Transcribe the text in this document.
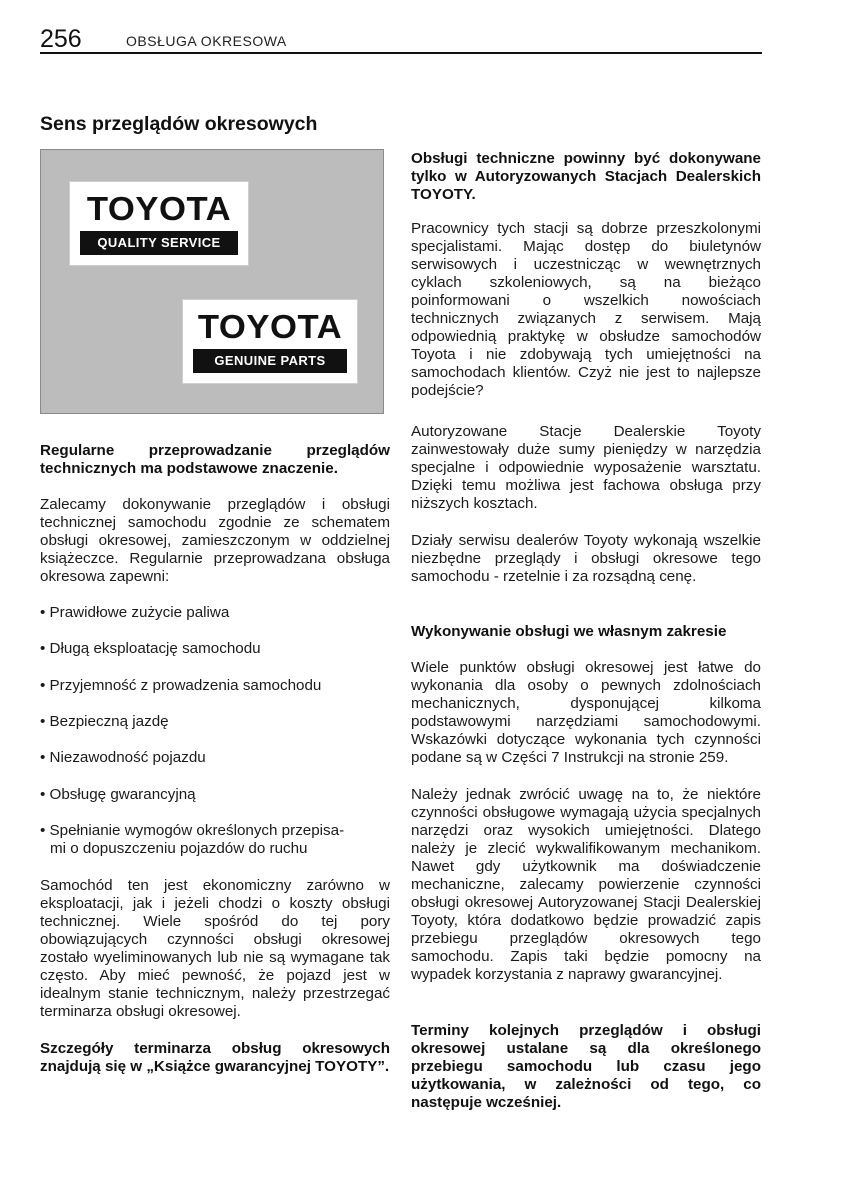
256	OBSŁUGA OKRESOWA
Sens przeglądów okresowych
TOYOTA
QUALITY SERVICE
TOYOTA
GENUINE PARTS

Regularne przeprowadzanie przeglądów technicznych ma podstawowe znaczenie.

Zalecamy dokonywanie przeglądów i obsługi technicznej samochodu zgodnie ze schematem obsługi okresowej, zamieszczonym w oddzielnej książeczce. Regularnie przeprowadzana obsługa okresowa zapewni:

• Prawidłowe zużycie paliwa

• Długą eksploatację samochodu

• Przyjemność z prowadzenia samochodu

• Bezpieczną jazdę

• Niezawodność pojazdu

• Obsługę gwarancyjną

• Spełnianie wymogów określonych przepisa-
mi o dopuszczeniu pojazdów do ruchu

Samochód ten jest ekonomiczny zarówno w eksploatacji, jak i jeżeli chodzi o koszty obsługi technicznej. Wiele spośród do tej pory obowiązujących czynności obsługi okresowej zostało wyeliminowanych lub nie są wymagane tak często. Aby mieć pewność, że pojazd jest w idealnym stanie technicznym, należy przestrzegać terminarza obsługi okresowej.

Szczegóły terminarza obsług okresowych znajdują się w „Książce gwarancyjnej TOYOTY”.

Obsługi techniczne powinny być dokonywane tylko w Autoryzowanych Stacjach Dealerskich TOYOTY.

Pracownicy tych stacji są dobrze przeszkolonymi specjalistami. Mając dostęp do biuletynów serwisowych i uczestnicząc w wewnętrznych cyklach szkoleniowych, są na bieżąco poinformowani o wszelkich nowościach technicznych związanych z serwisem. Mają odpowiednią praktykę w obsłudze samochodów Toyota i nie zdobywają tych umiejętności na samochodach klientów. Czyż nie jest to najlepsze podejście?

Autoryzowane Stacje Dealerskie Toyoty zainwestowały duże sumy pieniędzy w narzędzia specjalne i odpowiednie wyposażenie warsztatu. Dzięki temu możliwa jest fachowa obsługa przy niższych kosztach.

Działy serwisu dealerów Toyoty wykonają wszelkie niezbędne przeglądy i obsługi okresowe tego samochodu - rzetelnie i za rozsądną cenę.

Wykonywanie obsługi we własnym zakresie

Wiele punktów obsługi okresowej jest łatwe do wykonania dla osoby o pewnych zdolnościach mechanicznych, dysponującej kilkoma podstawowymi narzędziami samochodowymi. Wskazówki dotyczące wykonania tych czynności podane są w Części 7 Instrukcji na stronie 259.

Należy jednak zwrócić uwagę na to, że niektóre czynności obsługowe wymagają użycia specjalnych narzędzi oraz wysokich umiejętności. Dlatego należy je zlecić wykwalifikowanym mechanikom. Nawet gdy użytkownik ma doświadczenie mechaniczne, zalecamy powierzenie czynności obsługi okresowej Autoryzowanej Stacji Dealerskiej Toyoty, która dodatkowo będzie prowadzić zapis przebiegu przeglądów okresowych tego samochodu. Zapis taki będzie pomocny na wypadek korzystania z naprawy gwarancyjnej.

Terminy kolejnych przeglądów i obsługi okresowej ustalane są dla określonego przebiegu samochodu lub czasu jego użytkowania, w zależności od tego, co następuje wcześniej.
